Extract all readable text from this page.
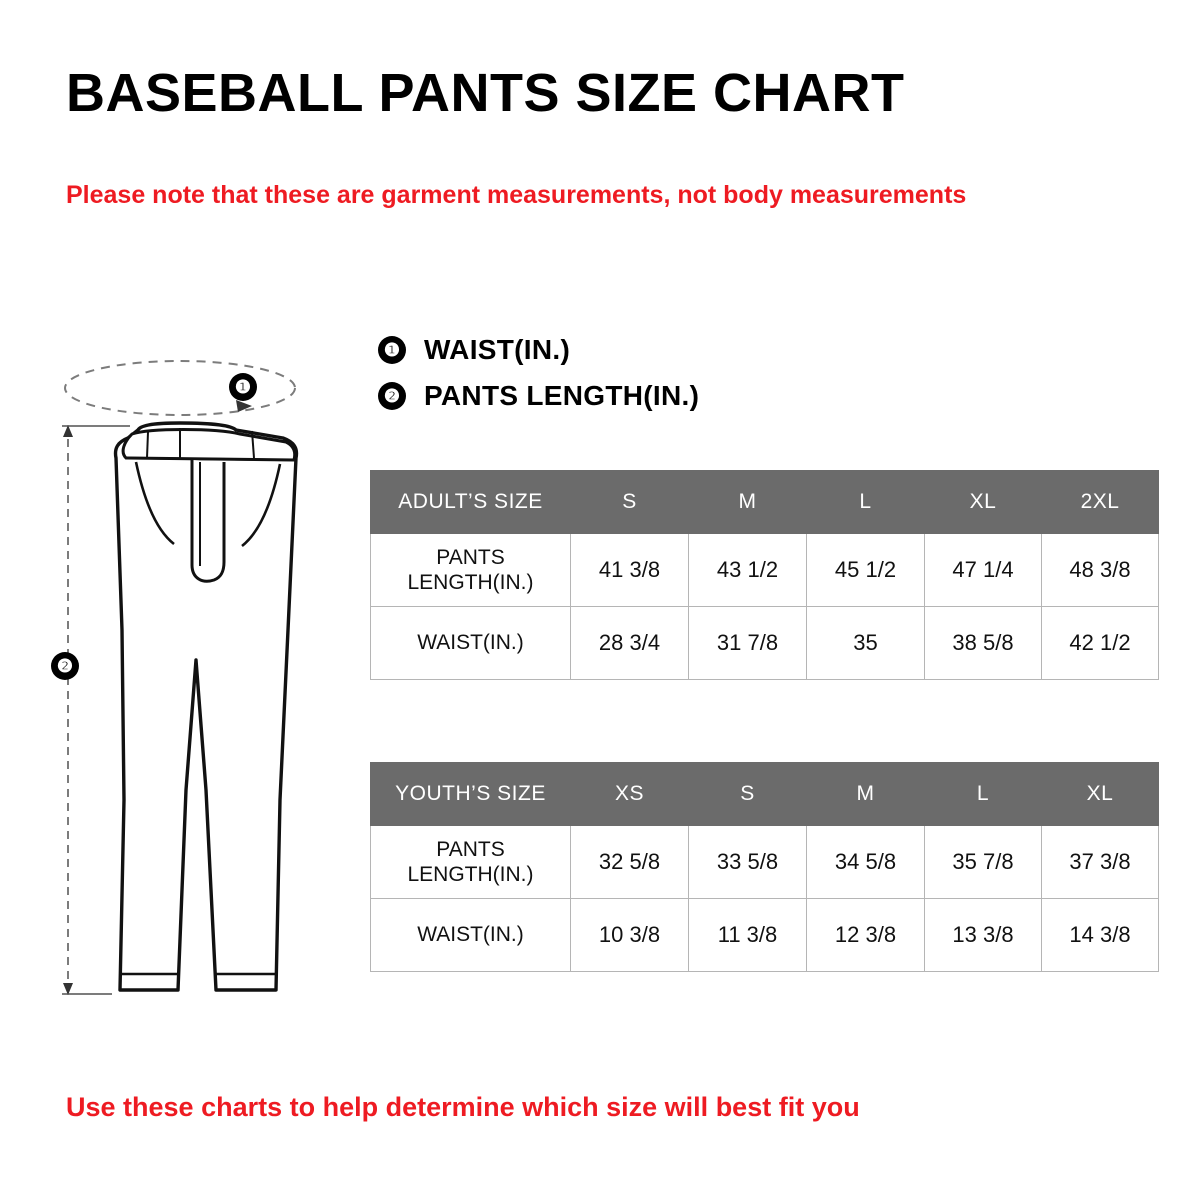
BASEBALL PANTS SIZE CHART
Please note that these are garment measurements, not body measurements
❶ WAIST(IN.)
❷ PANTS LENGTH(IN.)
❶
❷
ADULT’S SIZE	S	M	L	XL	2XL
PANTS LENGTH(IN.)	41 3/8	43 1/2	45 1/2	47 1/4	48 3/8
WAIST(IN.)	28 3/4	31 7/8	35	38 5/8	42 1/2
YOUTH’S SIZE	XS	S	M	L	XL
PANTS LENGTH(IN.)	32 5/8	33 5/8	34 5/8	35 7/8	37 3/8
WAIST(IN.)	10 3/8	11 3/8	12 3/8	13 3/8	14 3/8
Use these charts to help determine which size will best fit you
